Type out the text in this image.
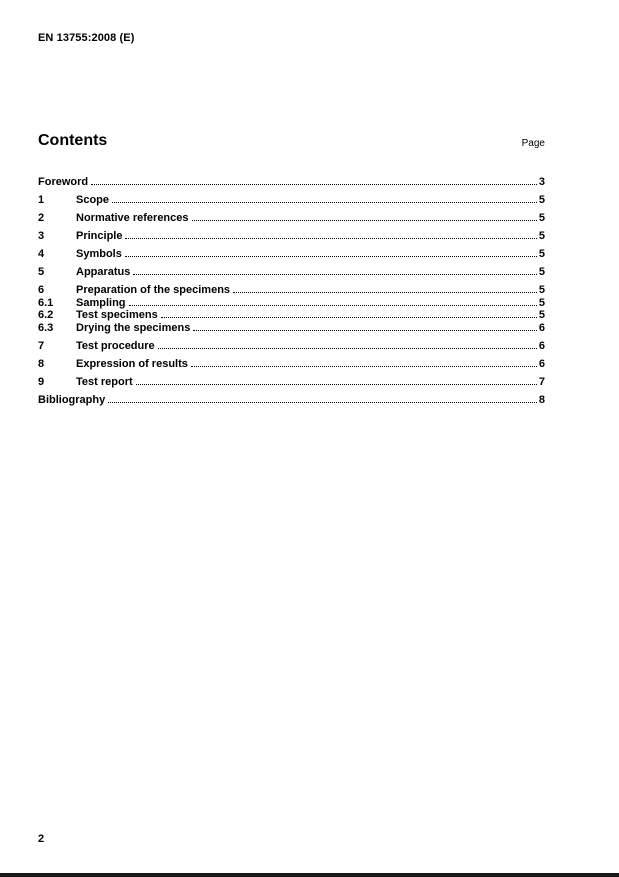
EN 13755:2008 (E)
Contents	Page
Foreword	3
1	Scope	5
2	Normative references	5
3	Principle	5
4	Symbols	5
5	Apparatus	5
6	Preparation of the specimens	5
6.1	Sampling	5
6.2	Test specimens	5
6.3	Drying the specimens	6
7	Test procedure	6
8	Expression of results	6
9	Test report	7
Bibliography	8
2
